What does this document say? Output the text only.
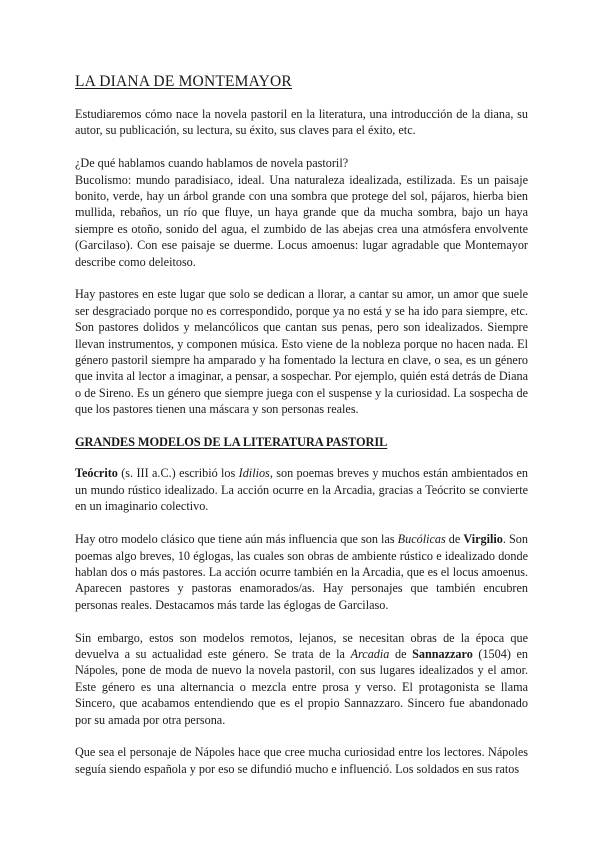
LA DIANA DE MONTEMAYOR

Estudiaremos cómo nace la novela pastoril en la literatura, una introducción de la diana, su autor, su publicación, su lectura, su éxito, sus claves para el éxito, etc.

¿De qué hablamos cuando hablamos de novela pastoril?

Bucolismo: mundo paradisiaco, ideal. Una naturaleza idealizada, estilizada. Es un paisaje bonito, verde, hay un árbol grande con una sombra que protege del sol, pájaros, hierba bien mullida, rebaños, un río que fluye, un haya grande que da mucha sombra, bajo un haya siempre es otoño, sonido del agua, el zumbido de las abejas crea una atmósfera envolvente (Garcilaso). Con ese paisaje se duerme. Locus amoenus: lugar agradable que Montemayor describe como deleitoso.

Hay pastores en este lugar que solo se dedican a llorar, a cantar su amor, un amor que suele ser desgraciado porque no es correspondido, porque ya no está y se ha ido para siempre, etc. Son pastores dolidos y melancólicos que cantan sus penas, pero son idealizados. Siempre llevan instrumentos, y componen música. Esto viene de la nobleza porque no hacen nada. El género pastoril siempre ha amparado y ha fomentado la lectura en clave, o sea, es un género que invita al lector a imaginar, a pensar, a sospechar. Por ejemplo, quién está detrás de Diana o de Sireno. Es un género que siempre juega con el suspense y la curiosidad. La sospecha de que los pastores tienen una máscara y son personas reales.

GRANDES MODELOS DE LA LITERATURA PASTORIL

Teócrito (s. III a.C.) escribió los Idilios, son poemas breves y muchos están ambientados en un mundo rústico idealizado. La acción ocurre en la Arcadia, gracias a Teócrito se convierte en un imaginario colectivo.

Hay otro modelo clásico que tiene aún más influencia que son las Bucólicas de Virgilio. Son poemas algo breves, 10 églogas, las cuales son obras de ambiente rústico e idealizado donde hablan dos o más pastores. La acción ocurre también en la Arcadia, que es el locus amoenus. Aparecen pastores y pastoras enamorados/as. Hay personajes que también encubren personas reales. Destacamos más tarde las églogas de Garcilaso.

Sin embargo, estos son modelos remotos, lejanos, se necesitan obras de la época que devuelva a su actualidad este género. Se trata de la Arcadia de Sannazzaro (1504) en Nápoles, pone de moda de nuevo la novela pastoril, con sus lugares idealizados y el amor. Este género es una alternancia o mezcla entre prosa y verso. El protagonista se llama Sincero, que acabamos entendiendo que es el propio Sannazzaro. Sincero fue abandonado por su amada por otra persona.

Que sea el personaje de Nápoles hace que cree mucha curiosidad entre los lectores. Nápoles seguía siendo española y por eso se difundió mucho e influenció. Los soldados en sus ratos
